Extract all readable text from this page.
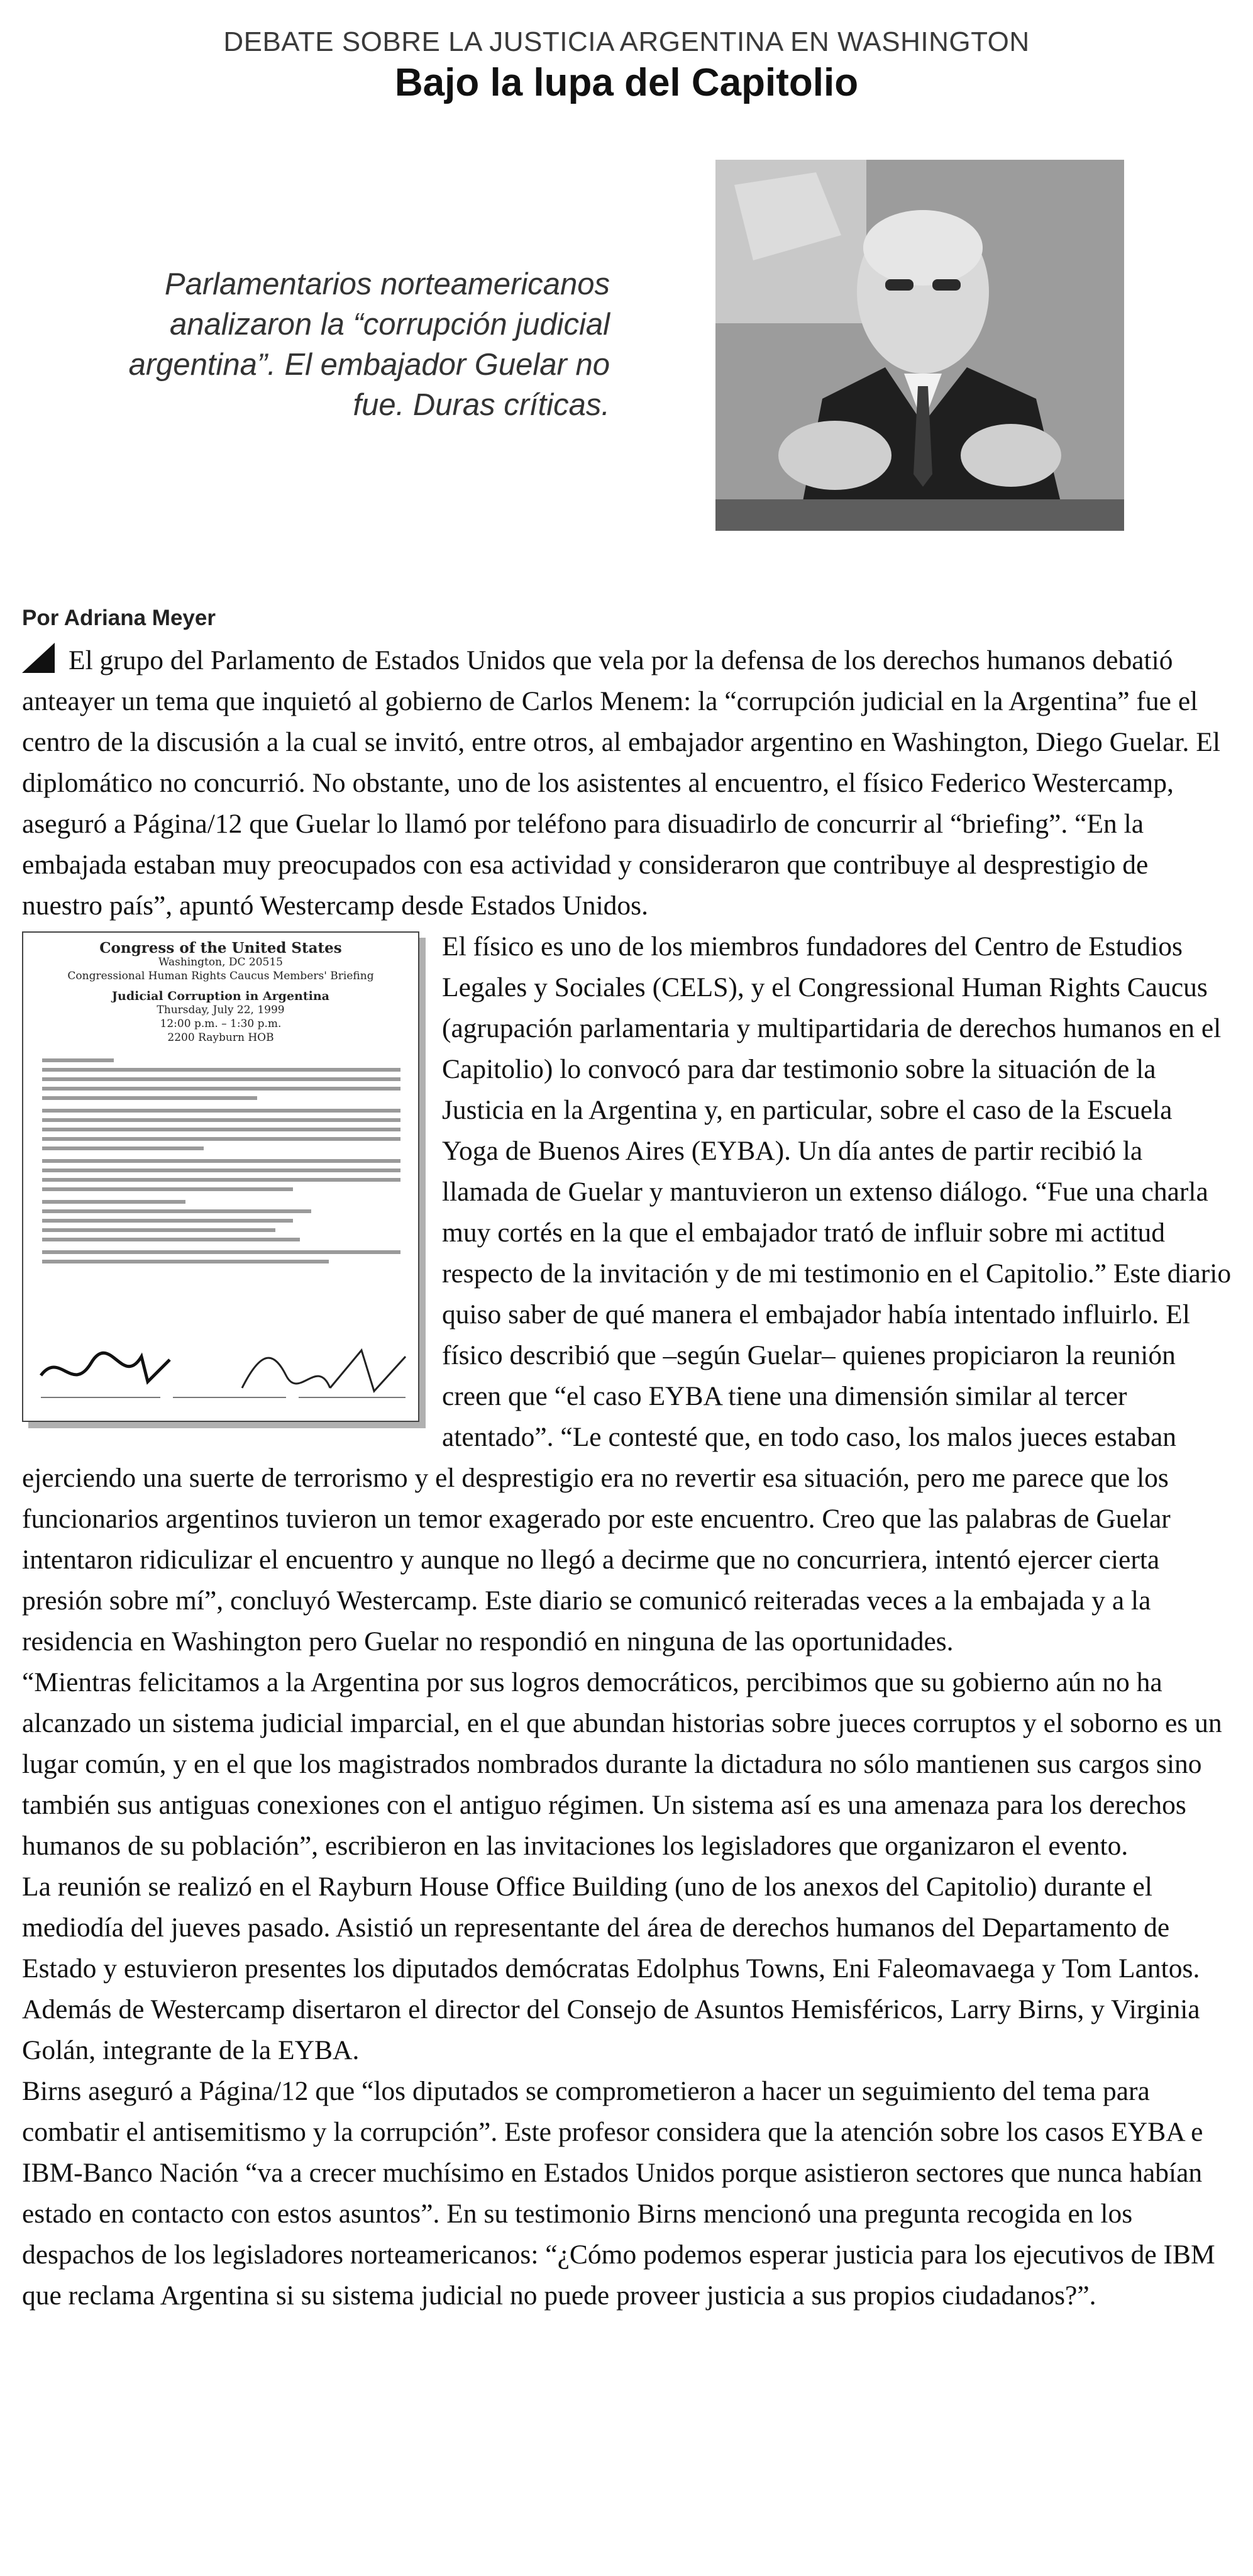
DEBATE SOBRE LA JUSTICIA ARGENTINA EN WASHINGTON
Bajo la lupa del Capitolio
Parlamentarios norteamericanos analizaron la “corrupción judicial argentina”. El embajador Guelar no fue. Duras críticas.
Por Adriana Meyer

El grupo del Parlamento de Estados Unidos que vela por la defensa de los derechos humanos debatió anteayer un tema que inquietó al gobierno de Carlos Menem: la “corrupción judicial en la Argentina” fue el centro de la discusión a la cual se invitó, entre otros, al embajador argentino en Washington, Diego Guelar. El diplomático no concurrió. No obstante, uno de los asistentes al encuentro, el físico Federico Westercamp, aseguró a Página/12 que Guelar lo llamó por teléfono para disuadirlo de concurrir al “briefing”. “En la embajada estaban muy preocupados con esa actividad y consideraron que contribuye al desprestigio de nuestro país”, apuntó Westercamp desde Estados Unidos.

Congress of the United States
Washington, DC 20515
Congressional Human Rights Caucus Members' Briefing
Judicial Corruption in Argentina
Thursday, July 22, 1999
12:00 p.m. – 1:30 p.m.
2200 Rayburn HOB

El físico es uno de los miembros fundadores del Centro de Estudios Legales y Sociales (CELS), y el Congressional Human Rights Caucus (agrupación parlamentaria y multipartidaria de derechos humanos en el Capitolio) lo convocó para dar testimonio sobre la situación de la Justicia en la Argentina y, en particular, sobre el caso de la Escuela Yoga de Buenos Aires (EYBA). Un día antes de partir recibió la llamada de Guelar y mantuvieron un extenso diálogo. “Fue una charla muy cortés en la que el embajador trató de influir sobre mi actitud respecto de la invitación y de mi testimonio en el Capitolio.” Este diario quiso saber de qué manera el embajador había intentado influirlo. El físico describió que –según Guelar– quienes propiciaron la reunión creen que “el caso EYBA tiene una dimensión similar al tercer atentado”. “Le contesté que, en todo caso, los malos jueces estaban ejerciendo una suerte de terrorismo y el desprestigio era no revertir esa situación, pero me parece que los funcionarios argentinos tuvieron un temor exagerado por este encuentro. Creo que las palabras de Guelar intentaron ridiculizar el encuentro y aunque no llegó a decirme que no concurriera, intentó ejercer cierta presión sobre mí”, concluyó Westercamp. Este diario se comunicó reiteradas veces a la embajada y a la residencia en Washington pero Guelar no respondió en ninguna de las oportunidades.

“Mientras felicitamos a la Argentina por sus logros democráticos, percibimos que su gobierno aún no ha alcanzado un sistema judicial imparcial, en el que abundan historias sobre jueces corruptos y el soborno es un lugar común, y en el que los magistrados nombrados durante la dictadura no sólo mantienen sus cargos sino también sus antiguas conexiones con el antiguo régimen. Un sistema así es una amenaza para los derechos humanos de su población”, escribieron en las invitaciones los legisladores que organizaron el evento.

La reunión se realizó en el Rayburn House Office Building (uno de los anexos del Capitolio) durante el mediodía del jueves pasado. Asistió un representante del área de derechos humanos del Departamento de Estado y estuvieron presentes los diputados demócratas Edolphus Towns, Eni Faleomavaega y Tom Lantos. Además de Westercamp disertaron el director del Consejo de Asuntos Hemisféricos, Larry Birns, y Virginia Golán, integrante de la EYBA.

Birns aseguró a Página/12 que “los diputados se comprometieron a hacer un seguimiento del tema para combatir el antisemitismo y la corrupción”. Este profesor considera que la atención sobre los casos EYBA e IBM-Banco Nación “va a crecer muchísimo en Estados Unidos porque asistieron sectores que nunca habían estado en contacto con estos asuntos”. En su testimonio Birns mencionó una pregunta recogida en los despachos de los legisladores norteamericanos: “¿Cómo podemos esperar justicia para los ejecutivos de IBM que reclama Argentina si su sistema judicial no puede proveer justicia a sus propios ciudadanos?”.
